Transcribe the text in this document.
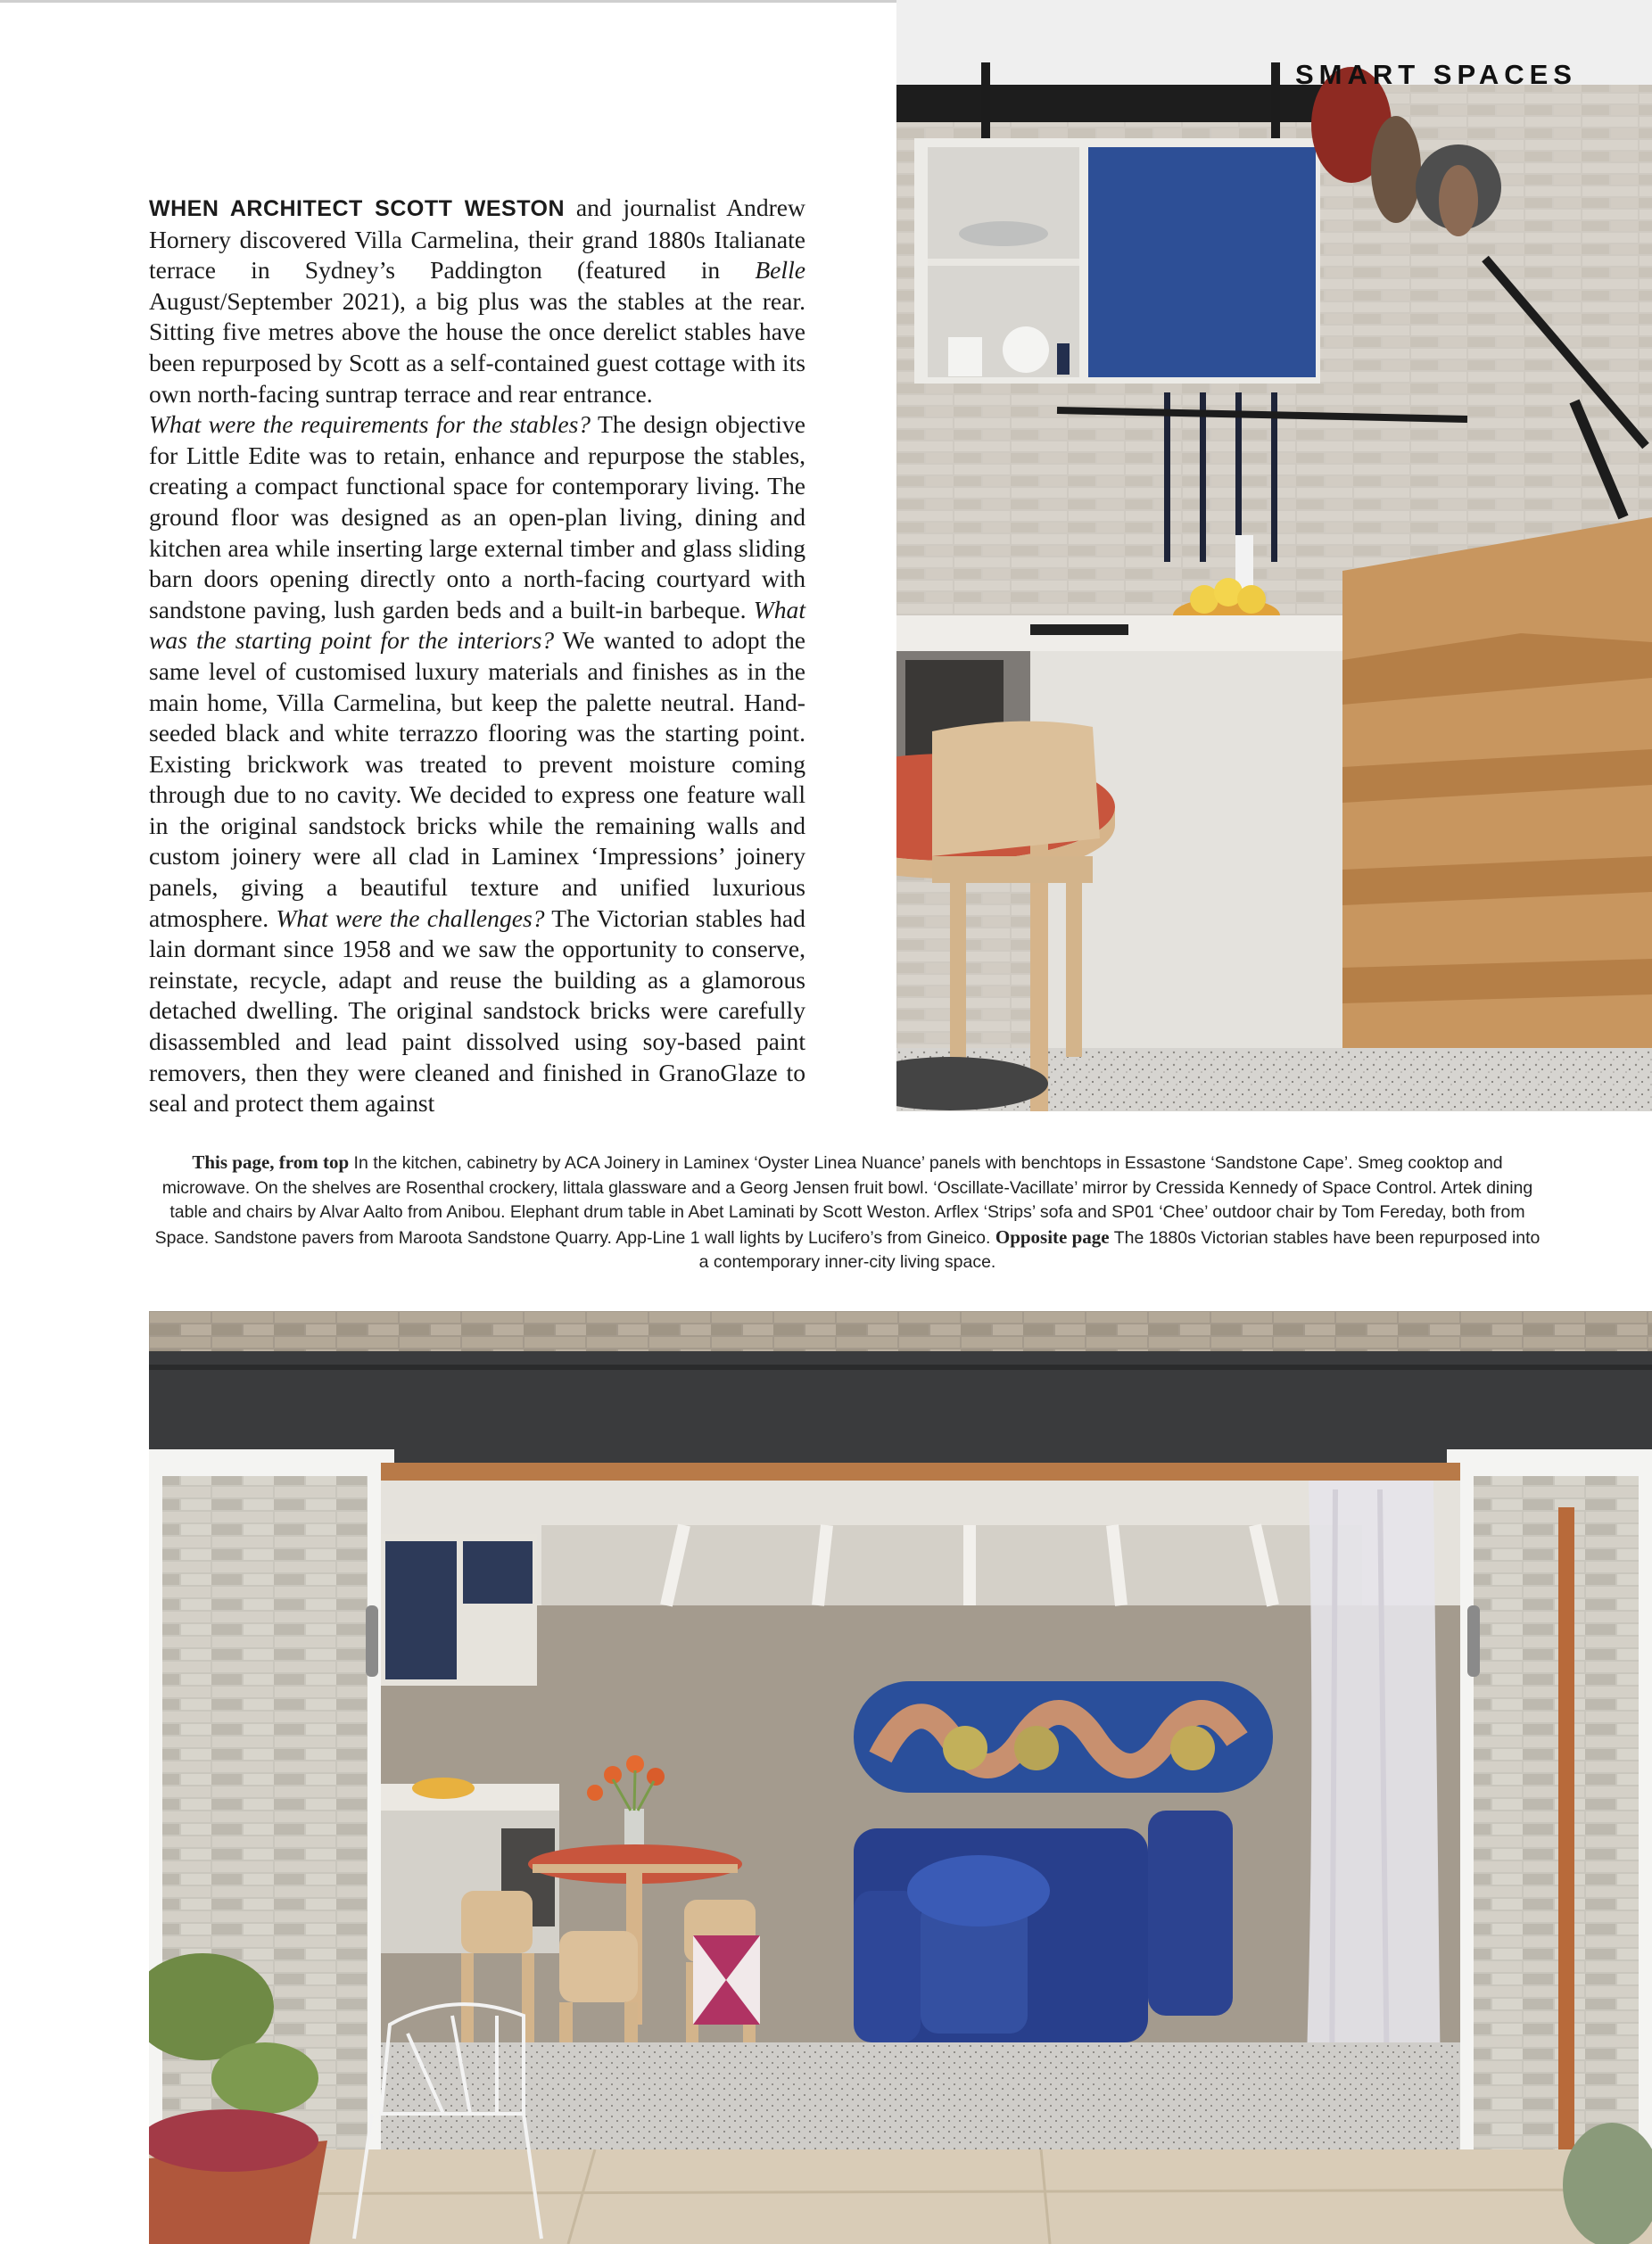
SMART SPACES

WHEN ARCHITECT SCOTT WESTON and journalist Andrew Hornery discovered Villa Carmelina, their grand 1880s Italianate terrace in Sydney’s Paddington (featured in Belle August/September 2021), a big plus was the stables at the rear. Sitting five metres above the house the once derelict stables have been repurposed by Scott as a self-contained guest cottage with its own north-facing suntrap terrace and rear entrance.

What were the requirements for the stables? The design objective for Little Edite was to retain, enhance and repurpose the stables, creating a compact functional space for contemporary living. The ground floor was designed as an open-plan living, dining and kitchen area while inserting large external timber and glass sliding barn doors opening directly onto a north-facing courtyard with sandstone paving, lush garden beds and a built-in barbeque. What was the starting point for the interiors? We wanted to adopt the same level of customised luxury materials and finishes as in the main home, Villa Carmelina, but keep the palette neutral. Hand-seeded black and white terrazzo flooring was the starting point. Existing brickwork was treated to prevent moisture coming through due to no cavity. We decided to express one feature wall in the original sandstock bricks while the remaining walls and custom joinery were all clad in Laminex ‘Impressions’ joinery panels, giving a beautiful texture and unified luxurious atmosphere. What were the challenges? The Victorian stables had lain dormant since 1958 and we saw the opportunity to conserve, reinstate, recycle, adapt and reuse the building as a glamorous detached dwelling. The original sandstock bricks were carefully disassembled and lead paint dissolved using soy-based paint removers, then they were cleaned and finished in GranoGlaze to seal and protect them against

This page, from top In the kitchen, cabinetry by ACA Joinery in Laminex ‘Oyster Linea Nuance’ panels with benchtops in Essastone ‘Sandstone Cape’. Smeg cooktop and microwave. On the shelves are Rosenthal crockery, littala glassware and a Georg Jensen fruit bowl. ‘Oscillate-Vacillate’ mirror by Cressida Kennedy of Space Control. Artek dining table and chairs by Alvar Aalto from Anibou. Elephant drum table in Abet Laminati by Scott Weston. Arflex ‘Strips’ sofa and SP01 ‘Chee’ outdoor chair by Tom Fereday, both from Space. Sandstone pavers from Maroota Sandstone Quarry. App-Line 1 wall lights by Lucifero’s from Gineico. Opposite page The 1880s Victorian stables have been repurposed into a contemporary inner-city living space.
